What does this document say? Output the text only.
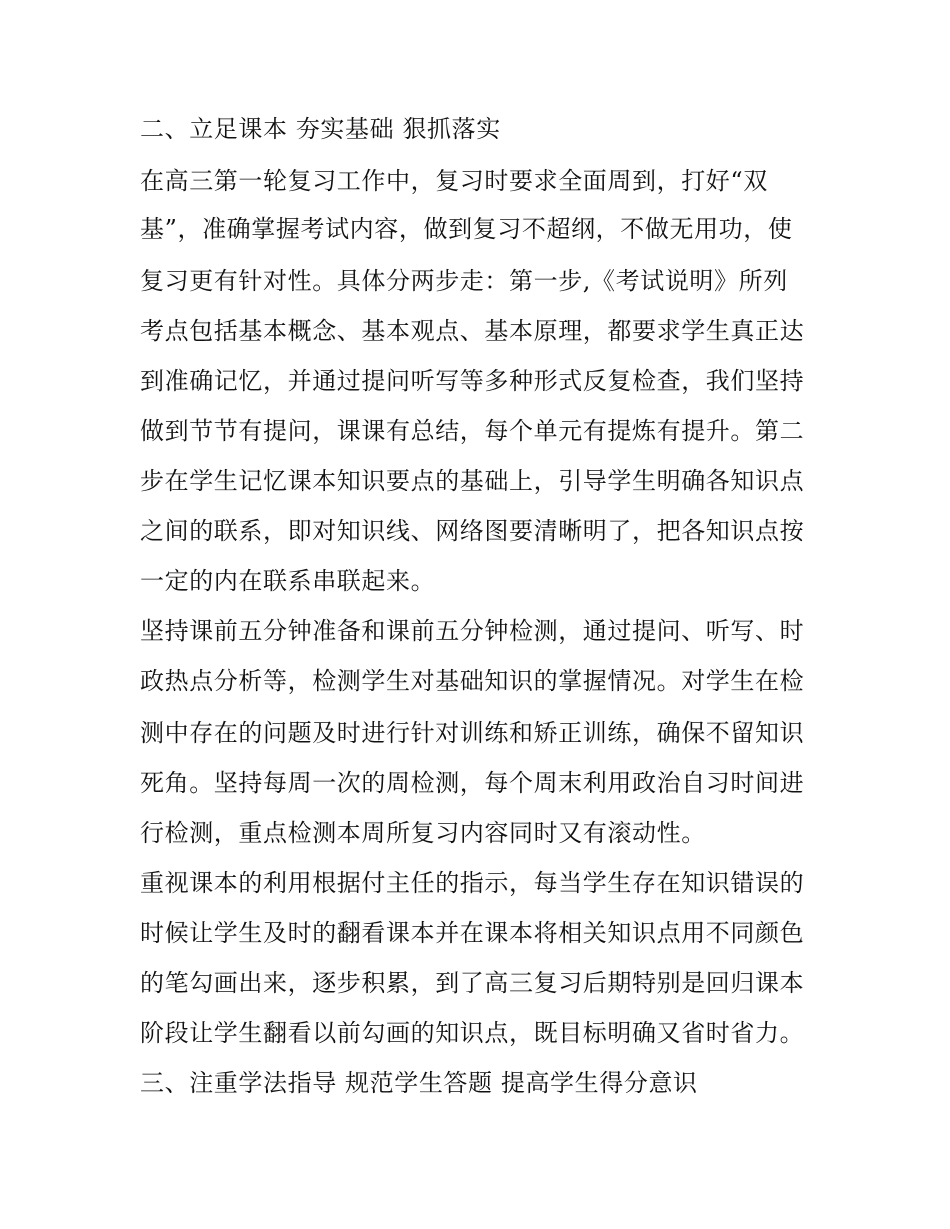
二、立足课本 夯实基础 狠抓落实
在高三第一轮复习工作中，复习时要求全面周到，打好“双
基”，准确掌握考试内容，做到复习不超纲，不做无用功，使
复习更有针对性。具体分两步走：第一步,《考试说明》所列
考点包括基本概念、基本观点、基本原理，都要求学生真正达
到准确记忆，并通过提问听写等多种形式反复检查，我们坚持
做到节节有提问，课课有总结，每个单元有提炼有提升。第二
步在学生记忆课本知识要点的基础上，引导学生明确各知识点
之间的联系，即对知识线、网络图要清晰明了，把各知识点按
一定的内在联系串联起来。
坚持课前五分钟准备和课前五分钟检测，通过提问、听写、时
政热点分析等，检测学生对基础知识的掌握情况。对学生在检
测中存在的问题及时进行针对训练和矫正训练，确保不留知识
死角。坚持每周一次的周检测，每个周末利用政治自习时间进
行检测，重点检测本周所复习内容同时又有滚动性。
重视课本的利用根据付主任的指示，每当学生存在知识错误的
时候让学生及时的翻看课本并在课本将相关知识点用不同颜色
的笔勾画出来，逐步积累，到了高三复习后期特别是回归课本
阶段让学生翻看以前勾画的知识点，既目标明确又省时省力。
三、注重学法指导 规范学生答题 提高学生得分意识
